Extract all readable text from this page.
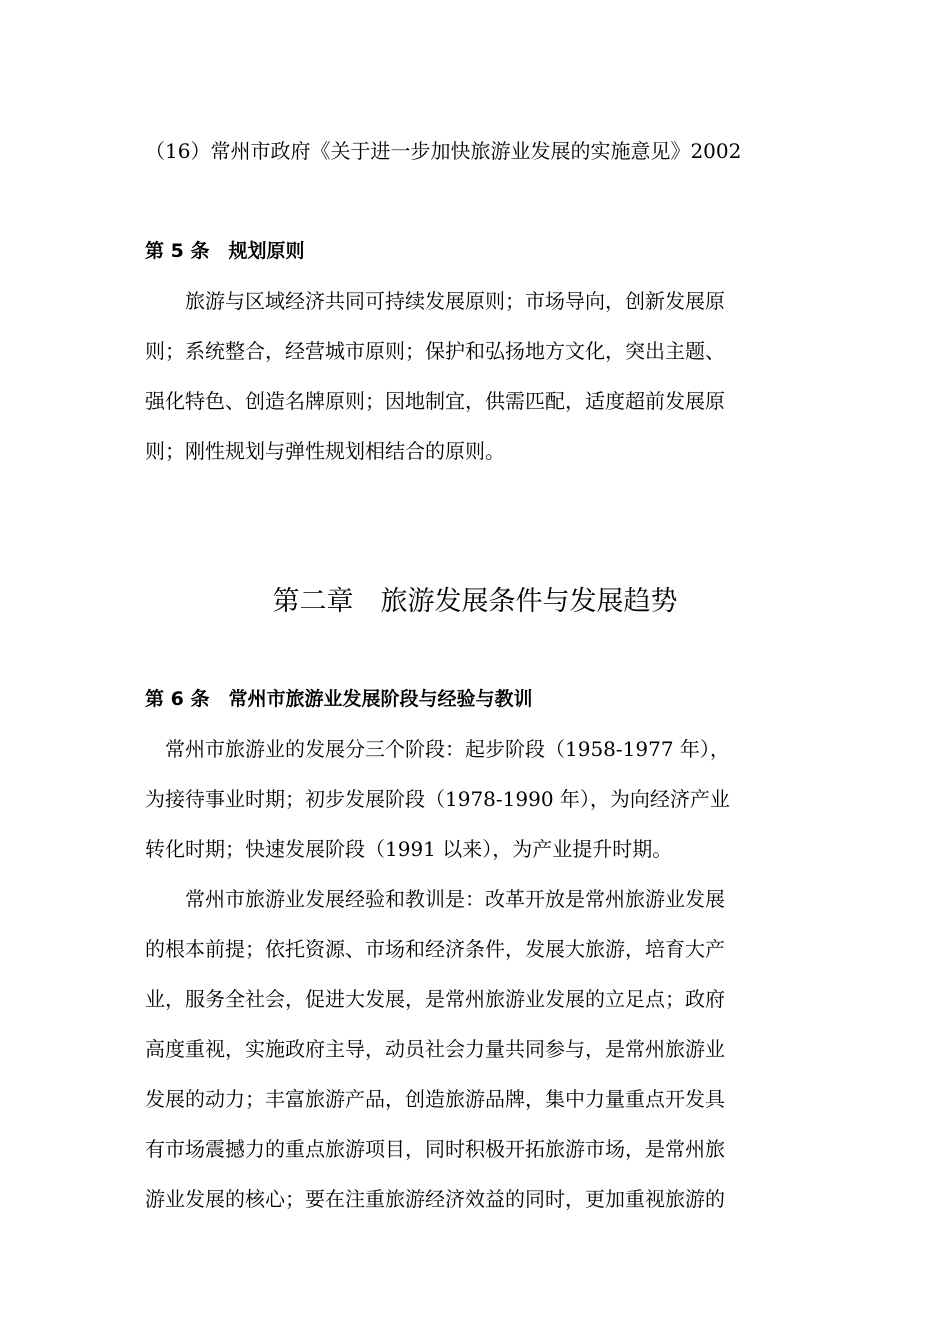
（16）常州市政府《关于进一步加快旅游业发展的实施意见》2002
第 5 条　规划原则
　　旅游与区域经济共同可持续发展原则；市场导向，创新发展原
则；系统整合，经营城市原则；保护和弘扬地方文化，突出主题、
强化特色、创造名牌原则；因地制宜，供需匹配，适度超前发展原
则；刚性规划与弹性规划相结合的原则。
第二章　旅游发展条件与发展趋势
第 6 条　常州市旅游业发展阶段与经验与教训
　常州市旅游业的发展分三个阶段：起步阶段（1958-1977 年），
为接待事业时期；初步发展阶段（1978-1990 年），为向经济产业
转化时期；快速发展阶段（1991 以来），为产业提升时期。
　　常州市旅游业发展经验和教训是：改革开放是常州旅游业发展
的根本前提；依托资源、市场和经济条件，发展大旅游，培育大产
业，服务全社会，促进大发展，是常州旅游业发展的立足点；政府
高度重视，实施政府主导，动员社会力量共同参与，是常州旅游业
发展的动力；丰富旅游产品，创造旅游品牌，集中力量重点开发具
有市场震撼力的重点旅游项目，同时积极开拓旅游市场，是常州旅
游业发展的核心；要在注重旅游经济效益的同时，更加重视旅游的
